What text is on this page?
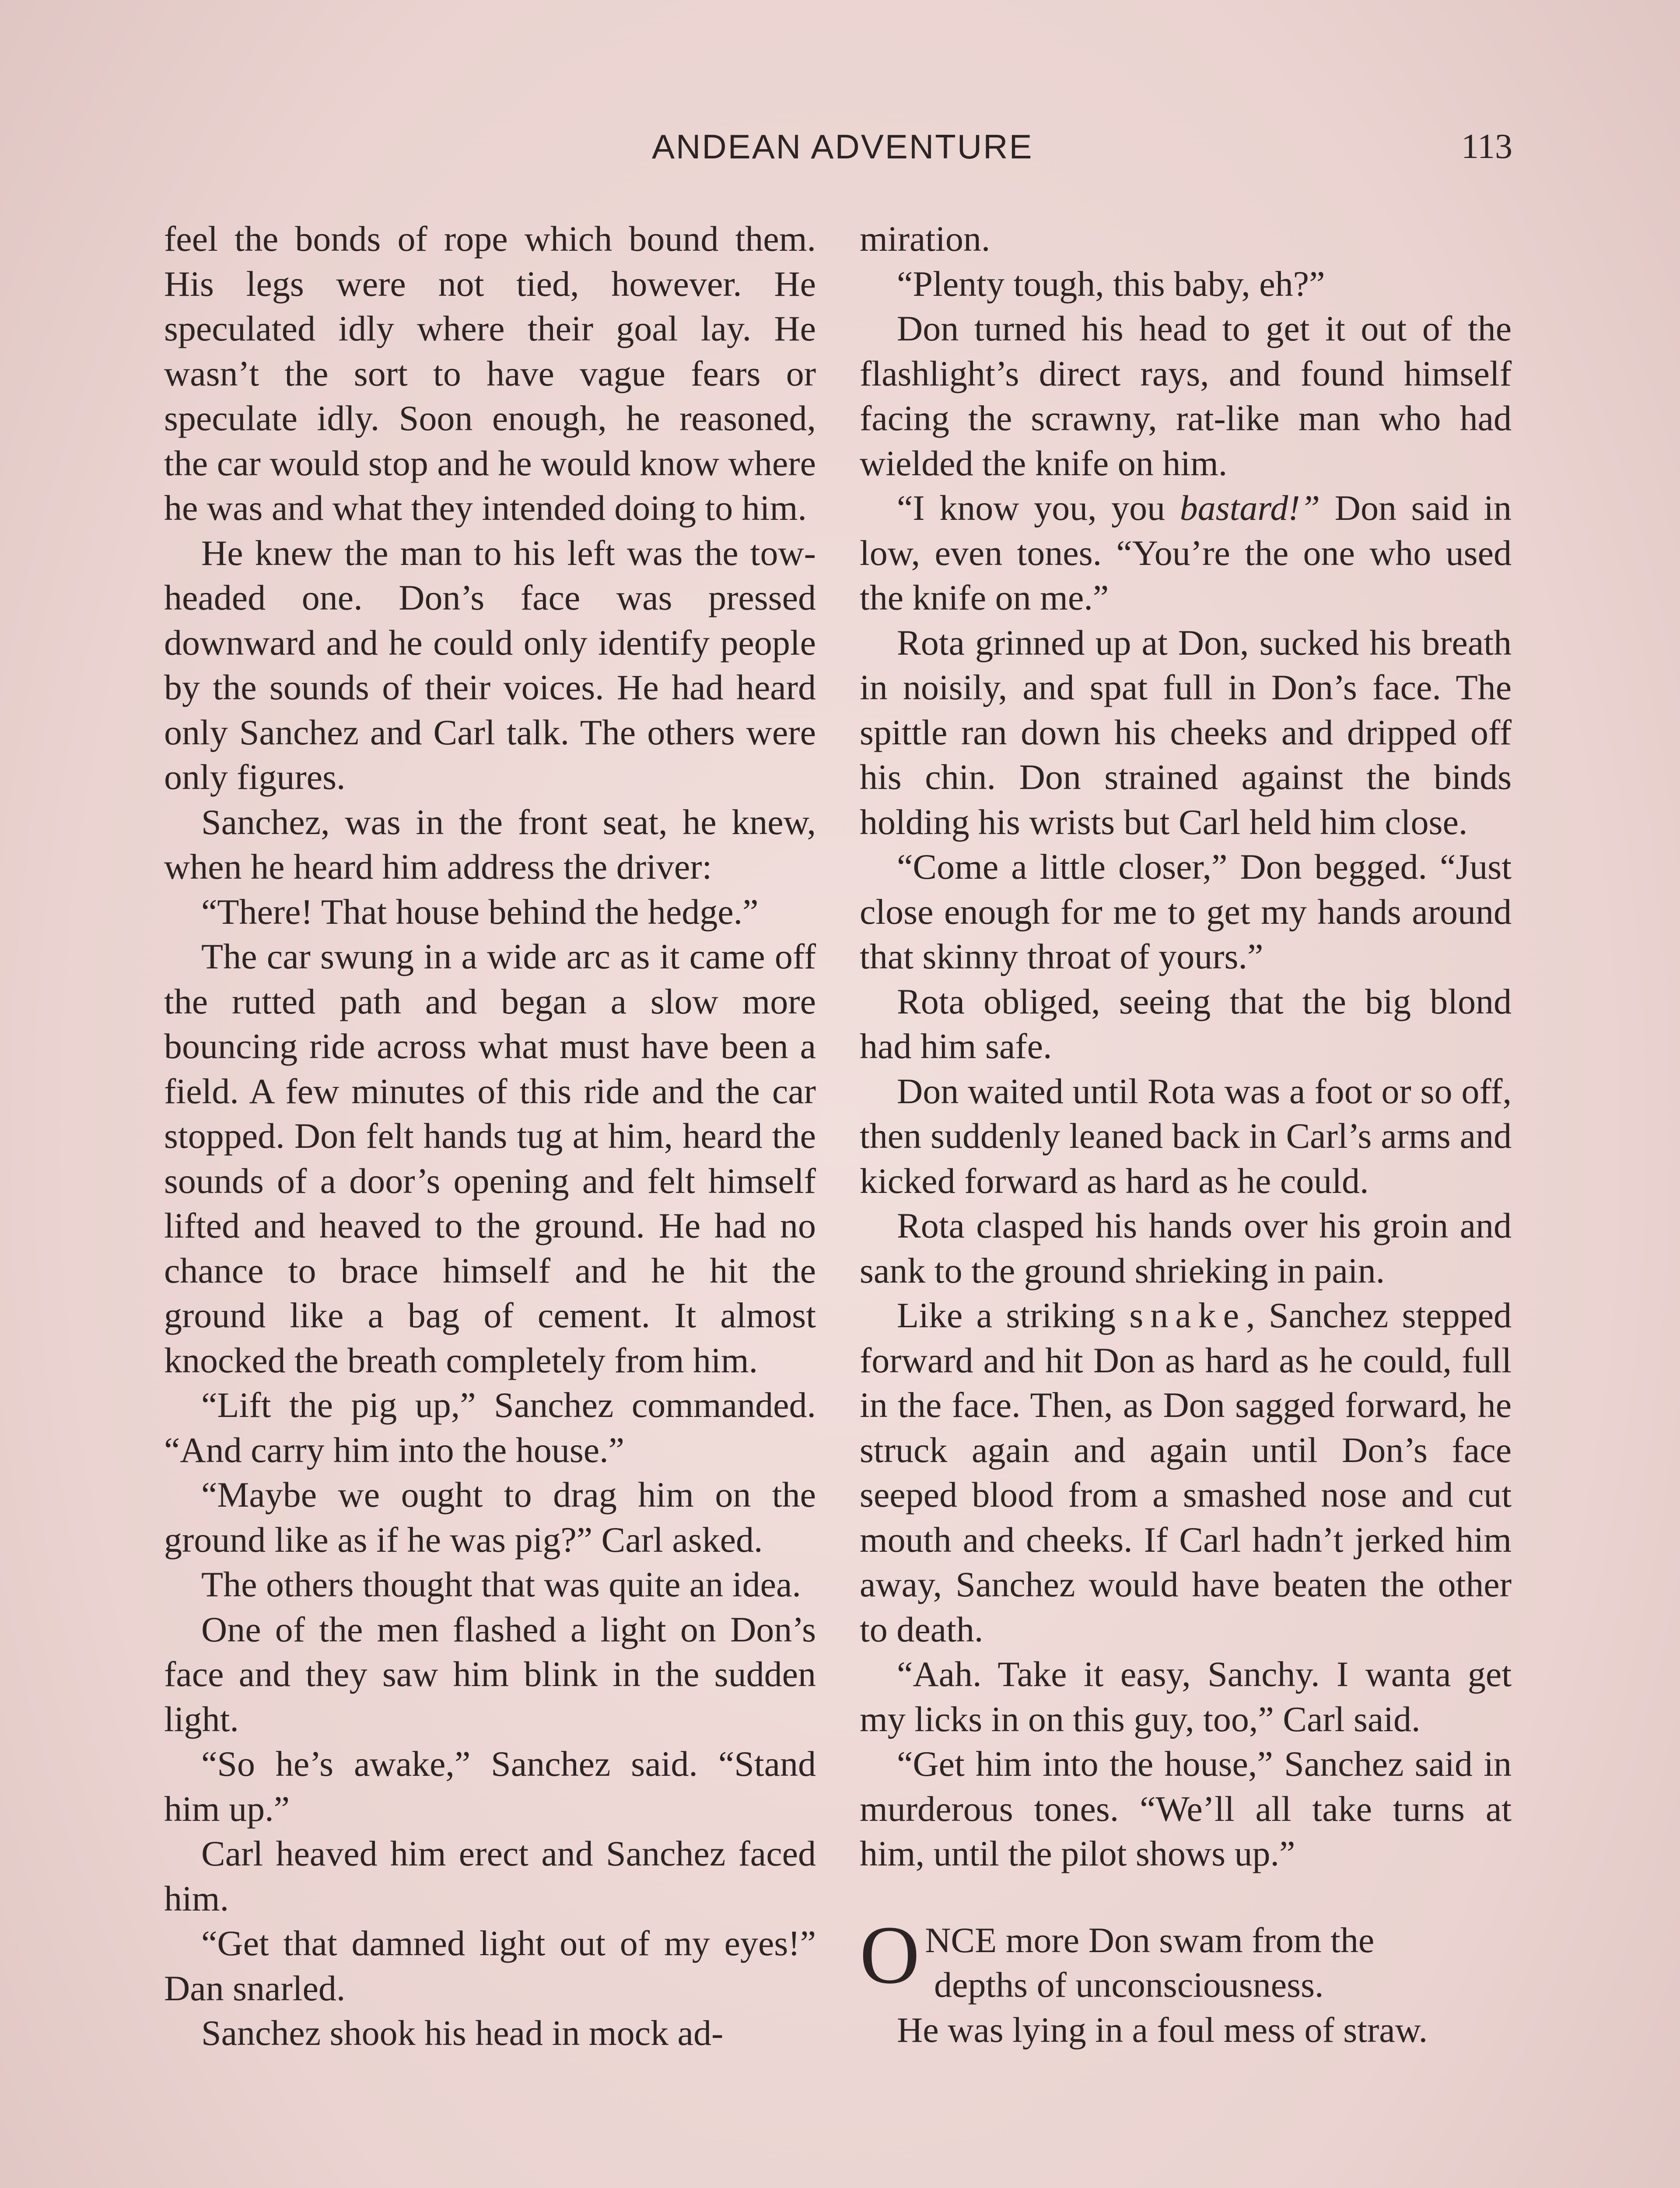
ANDEAN ADVENTURE	113

feel the bonds of rope which bound them. His legs were not tied, however. He speculated idly where their goal lay. He wasn’t the sort to have vague fears or speculate idly. Soon enough, he reasoned, the car would stop and he would know where he was and what they intended doing to him.

He knew the man to his left was the tow-headed one. Don’s face was pressed downward and he could only identify people by the sounds of their voices. He had heard only Sanchez and Carl talk. The others were only figures.

Sanchez, was in the front seat, he knew, when he heard him address the driver:

“There! That house behind the hedge.”

The car swung in a wide arc as it came off the rutted path and began a slow more bouncing ride across what must have been a field. A few minutes of this ride and the car stopped. Don felt hands tug at him, heard the sounds of a door’s opening and felt himself lifted and heaved to the ground. He had no chance to brace himself and he hit the ground like a bag of cement. It almost knocked the breath completely from him.

“Lift the pig up,” Sanchez commanded. “And carry him into the house.”

“Maybe we ought to drag him on the ground like as if he was pig?” Carl asked.

The others thought that was quite an idea.

One of the men flashed a light on Don’s face and they saw him blink in the sudden light.

“So he’s awake,” Sanchez said. “Stand him up.”

Carl heaved him erect and Sanchez faced him.

“Get that damned light out of my eyes!” Dan snarled.

Sanchez shook his head in mock ad-

miration.

“Plenty tough, this baby, eh?”

Don turned his head to get it out of the flashlight’s direct rays, and found himself facing the scrawny, rat-like man who had wielded the knife on him.

“I know you, you bastard!” Don said in low, even tones. “You’re the one who used the knife on me.”

Rota grinned up at Don, sucked his breath in noisily, and spat full in Don’s face. The spittle ran down his cheeks and dripped off his chin. Don strained against the binds holding his wrists but Carl held him close.

“Come a little closer,” Don begged. “Just close enough for me to get my hands around that skinny throat of yours.”

Rota obliged, seeing that the big blond had him safe.

Don waited until Rota was a foot or so off, then suddenly leaned back in Carl’s arms and kicked forward as hard as he could.

Rota clasped his hands over his groin and sank to the ground shrieking in pain.

Like a striking snake, Sanchez stepped forward and hit Don as hard as he could, full in the face. Then, as Don sagged forward, he struck again and again until Don’s face seeped blood from a smashed nose and cut mouth and cheeks. If Carl hadn’t jerked him away, Sanchez would have beaten the other to death.

“Aah. Take it easy, Sanchy. I wanta get my licks in on this guy, too,” Carl said.

“Get him into the house,” Sanchez said in murderous tones. “We’ll all take turns at him, until the pilot shows up.”

O NCE more Don swam from the
depths of unconsciousness.

He was lying in a foul mess of straw.
